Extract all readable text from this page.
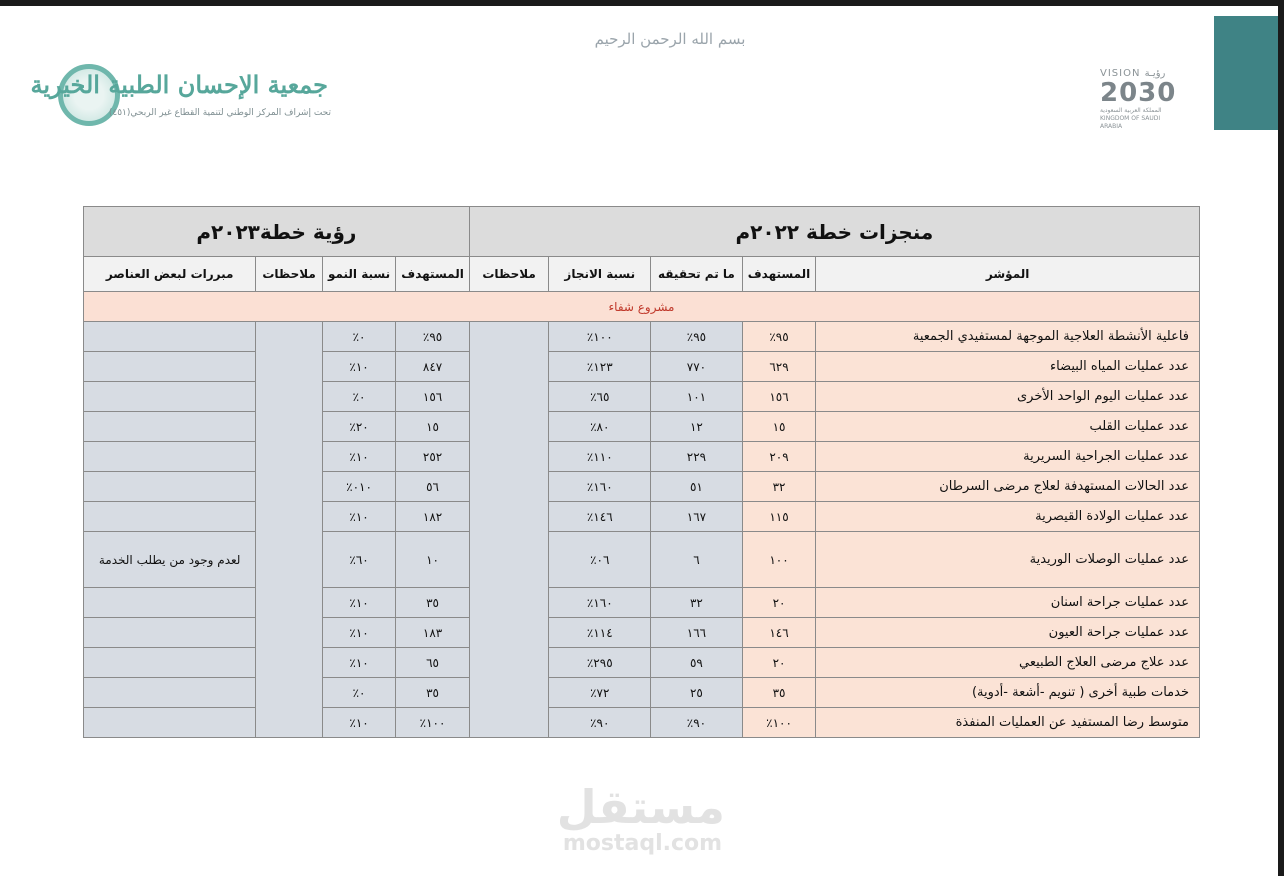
بسم الله الرحمن الرحيم
جمعية الإحسان الطبية الخيرية
تحت إشراف المركز الوطني لتنمية القطاع غير الربحي(٤٥١)
VISION رؤيـة
2030
المملكة العربية السعودية KINGDOM OF SAUDI ARABIA
منجزات خطة ٢٠٢٢م					رؤية خطة٢٠٢٣م			
المؤشر	المستهدف	ما تم تحقيقه	نسبة الانجاز	ملاحظات	المستهدف	نسبة النمو	ملاحظات	مبررات لبعض العناصر
مشروع شفاء								
فاعلية الأنشطة العلاجية الموجهة لمستفيدي الجمعية	٩٥٪	٩٥٪	١٠٠٪		٩٥٪	٠٪		
عدد عمليات المياه البيضاء	٦٢٩	٧٧٠	١٢٣٪		٨٤٧	١٠٪		
عدد عمليات اليوم الواحد الأخرى	١٥٦	١٠١	٦٥٪		١٥٦	٠٪		
عدد عمليات القلب	١٥	١٢	٨٠٪		١٥	٢٠٪		
عدد عمليات الجراحية السريرية	٢٠٩	٢٢٩	١١٠٪		٢٥٢	١٠٪		
عدد الحالات المستهدفة لعلاج مرضى السرطان	٣٢	٥١	١٦٠٪		٥٦	٠١٠٪		
عدد عمليات الولادة القيصرية	١١٥	١٦٧	١٤٦٪		١٨٢	١٠٪		
عدد عمليات الوصلات الوريدية	١٠٠	٦	٠٦٪		١٠	٦٠٪		لعدم وجود من يطلب الخدمة
عدد عمليات جراحة اسنان	٢٠	٣٢	١٦٠٪		٣٥	١٠٪		
عدد عمليات جراحة العيون	١٤٦	١٦٦	١١٤٪		١٨٣	١٠٪		
عدد علاج مرضى العلاج الطبيعي	٢٠	٥٩	٢٩٥٪		٦٥	١٠٪		
خدمات طبية أخرى ( تنويم -أشعة -أدوية)	٣٥	٢٥	٧٢٪		٣٥	٠٪		
متوسط رضا المستفيد عن العمليات المنفذة	١٠٠٪	٩٠٪	٩٠٪		١٠٠٪	١٠٪		
مستقل
mostaql.com
